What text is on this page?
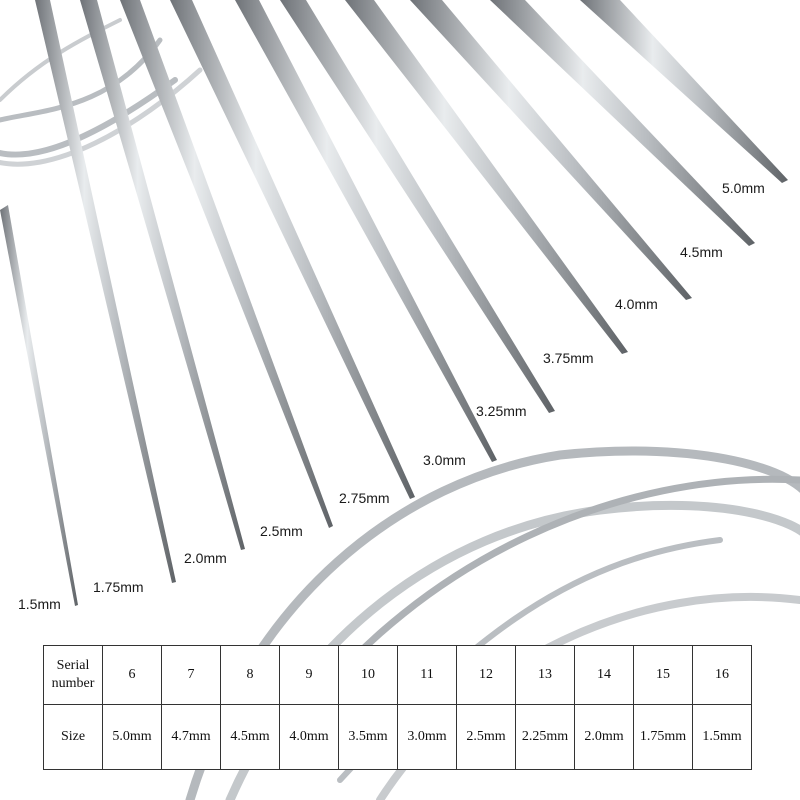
5.0mm
4.5mm
4.0mm
3.75mm
3.25mm
3.0mm
2.75mm
2.5mm
2.0mm
1.75mm
1.5mm
Serial number	6	7	8	9	10	11	12	13	14	15	16
Size	5.0mm	4.7mm	4.5mm	4.0mm	3.5mm	3.0mm	2.5mm	2.25mm	2.0mm	1.75mm	1.5mm
